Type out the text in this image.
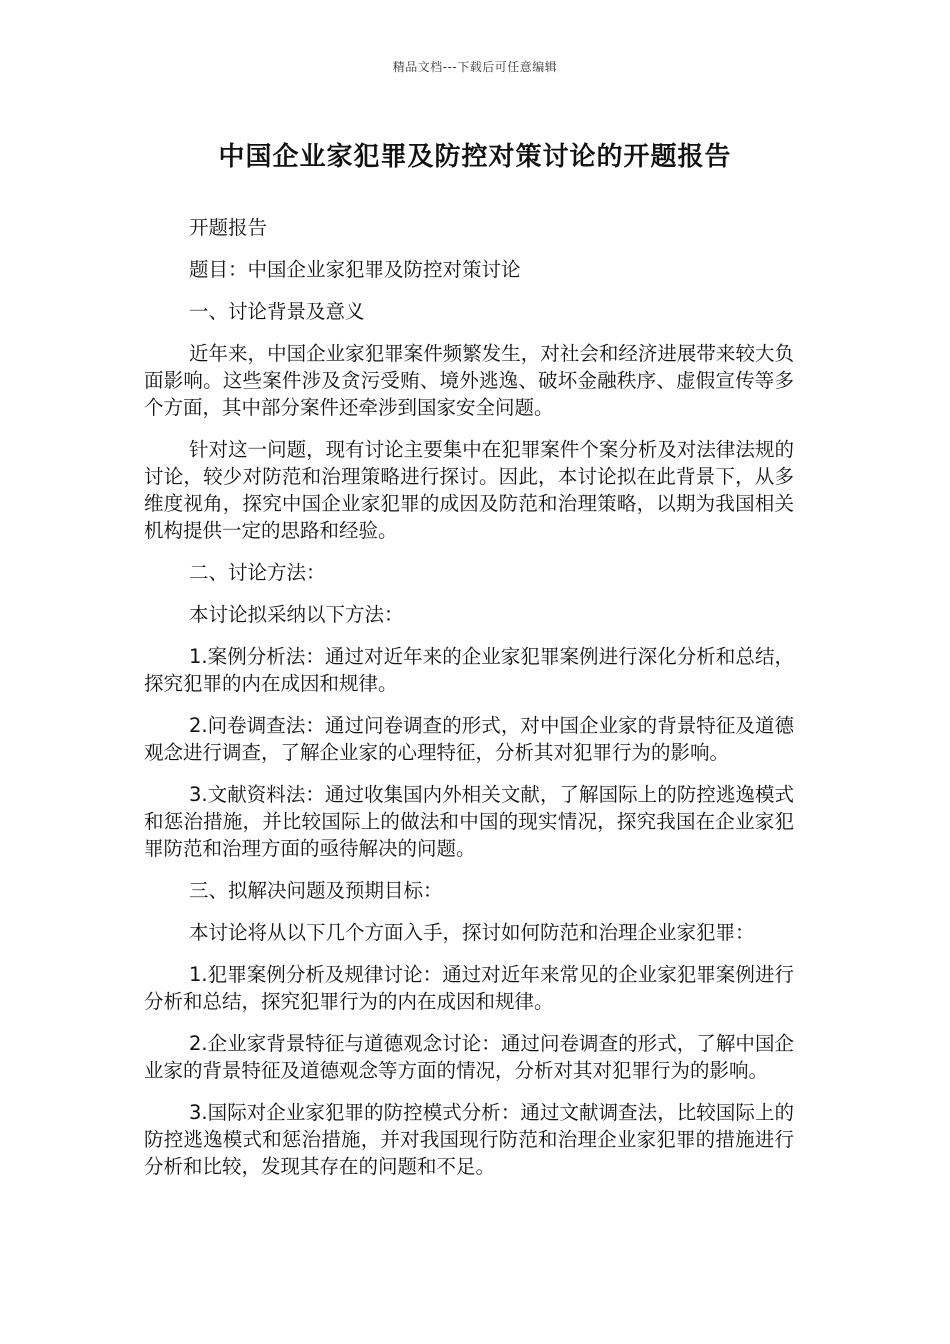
精品文档---下载后可任意编辑
中国企业家犯罪及防控对策讨论的开题报告

开题报告

题目：中国企业家犯罪及防控对策讨论

一、讨论背景及意义

近年来，中国企业家犯罪案件频繁发生，对社会和经济进展带来较大负面影响。这些案件涉及贪污受贿、境外逃逸、破坏金融秩序、虚假宣传等多个方面，其中部分案件还牵涉到国家安全问题。

针对这一问题，现有讨论主要集中在犯罪案件个案分析及对法律法规的讨论，较少对防范和治理策略进行探讨。因此，本讨论拟在此背景下，从多维度视角，探究中国企业家犯罪的成因及防范和治理策略，以期为我国相关机构提供一定的思路和经验。

二、讨论方法：

本讨论拟采纳以下方法：

1.案例分析法：通过对近年来的企业家犯罪案例进行深化分析和总结，探究犯罪的内在成因和规律。

2.问卷调查法：通过问卷调查的形式，对中国企业家的背景特征及道德观念进行调查，了解企业家的心理特征，分析其对犯罪行为的影响。

3.文献资料法：通过收集国内外相关文献，了解国际上的防控逃逸模式和惩治措施，并比较国际上的做法和中国的现实情况，探究我国在企业家犯罪防范和治理方面的亟待解决的问题。

三、拟解决问题及预期目标：

本讨论将从以下几个方面入手，探讨如何防范和治理企业家犯罪：

1.犯罪案例分析及规律讨论：通过对近年来常见的企业家犯罪案例进行分析和总结，探究犯罪行为的内在成因和规律。

2.企业家背景特征与道德观念讨论：通过问卷调查的形式，了解中国企业家的背景特征及道德观念等方面的情况，分析对其对犯罪行为的影响。

3.国际对企业家犯罪的防控模式分析：通过文献调查法，比较国际上的防控逃逸模式和惩治措施，并对我国现行防范和治理企业家犯罪的措施进行分析和比较，发现其存在的问题和不足。
